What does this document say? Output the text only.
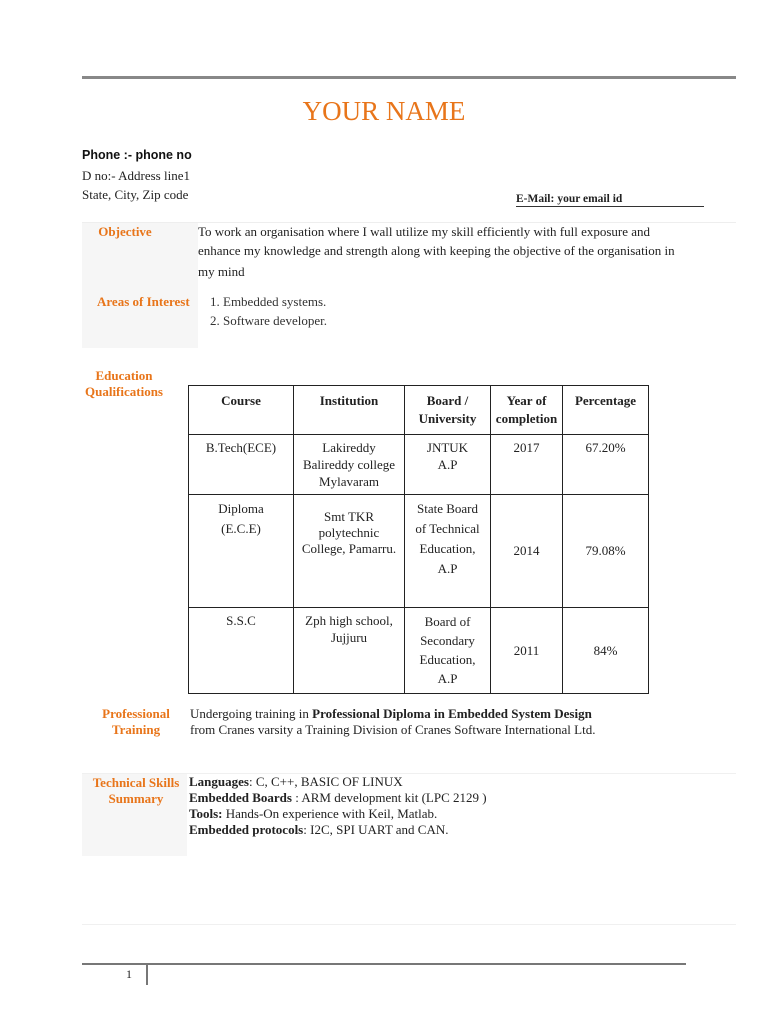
YOUR NAME
Phone :- phone no
D no:- Address line1
State, City, Zip code	E-Mail: your email id
Objective	To work an organisation where I wall utilize my skill efficiently with full exposure and
enhance my knowledge and strength along with keeping the objective of the organisation in
my mind
Areas of Interest
1.	Embedded systems.
2. Software developer.
Education
Qualifications
Course	Institution	Board /
University

Year of
completion
	Percentage

B.Tech(ECE)	Lakireddy
Balireddy college
Mylavaram

JNTUK
A.P
	2017	67.20%

Diploma
(E.C.E)

Smt TKR
polytechnic
College, Pamarru.

State Board
of Technical
Education,
A.P
	2014	79.08%

S.S.C	Zph high school,
Jujjuru

Board of
Secondary
Education,
A.P
	2011	84%
Professional
Training
Undergoing training in Professional Diploma in Embedded System Design
from Cranes varsity a Training Division of Cranes Software International Ltd.
Technical Skills
Summary
Languages: C, C++, BASIC OF LINUX
Embedded Boards : ARM development kit (LPC 2129 )
Tools: Hands-On experience with Keil, Matlab.
Embedded protocols: I2C, SPI UART and CAN.
1
